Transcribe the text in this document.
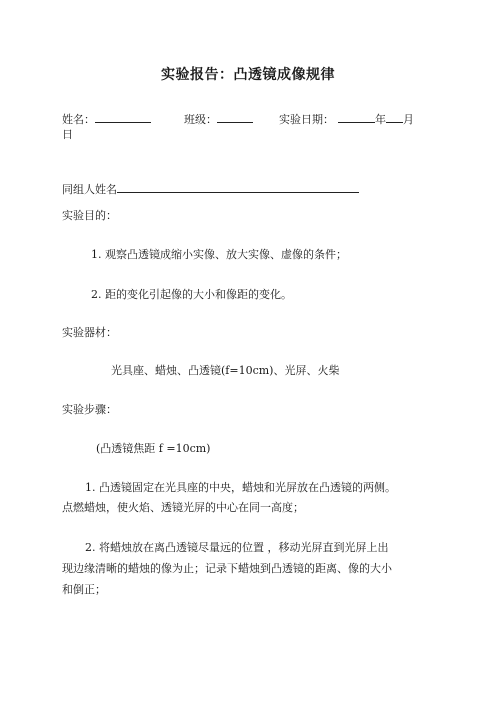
实验报告：凸透镜成像规律
姓名：	班级：	实验日期：	年 月
日
同组人姓名
实验目的：
1. 观察凸透镜成缩小实像、放大实像、虚像的条件；
2. 距的变化引起像的大小和像距的变化。
实验器材：
光具座、蜡烛、凸透镜(f=10cm)、光屏、火柴
实验步骤：
(凸透镜焦距 f =10cm)
1. 凸透镜固定在光具座的中央，蜡烛和光屏放在凸透镜的两侧。
点燃蜡烛，使火焰、透镜光屏的中心在同一高度；
2. 将蜡烛放在离凸透镜尽量远的位置 ，移动光屏直到光屏上出
现边缘清晰的蜡烛的像为止；记录下蜡烛到凸透镜的距离、像的大小
和倒正；
